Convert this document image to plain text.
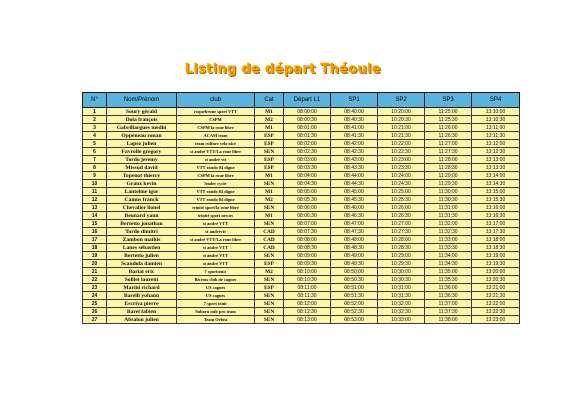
Listing de départ Théoule
N°	Nom/Prénom	club	Cat	Départ L1	SP1	SP2	SP3	SP4
1	Soury gérald	roquebrune sport VTT	M1	08:00:00	08:40:00	10:20:00	11:25:00	13:10:00
2	Dola françois	CSPM	M2	08:00:30	08:40:30	10:20:30	11:25:30	13:10:30
3	Gabrillargues medhi	CSPM la roue libre	M1	08:01:00	08:41:00	10:21:00	11:26:00	13:11:00
4	Oppeneau ronan	ACAM team	ESP	08:01:30	08:41:30	10:21:30	11:26:30	13:11:30
5	Lopez julien	team culture velo nice	ESP	08:02:00	08:42:00	10:22:00	11:27:00	13:12:00
6	Favrolle gregory	st andré VTT/La roue libre	SEN	08:02:30	08:42:30	10:22:30	11:27:30	13:12:30
7	Tordo jeremy	st andré vtt	ESP	08:03:00	08:43:00	10:23:00	11:28:00	13:13:00
8	Missud david	VTT rando 04 digne	ESP	08:03:30	08:43:30	10:23:30	11:28:30	13:13:30
9	Topenot thierry	CSPM la roue libre	M1	08:04:00	08:44:00	10:24:00	11:29:00	13:14:00
10	Graux kevin	leader cycle	SEN	08:04:30	08:44:30	10:24:30	11:29:30	13:14:30
11	Lantelme igor	VTT rando 04 digne	M1	08:05:00	08:45:00	10:25:00	11:30:00	13:15:00
12	Camus franck	VTT rando 04 digne	M2	08:05:30	08:45:30	10:25:30	11:30:30	13:15:30
13	Chevalier lionel	trinité sport/la roue libre	SEN	08:06:00	08:46:00	10:26:00	11:31:00	13:16:00
14	Beunard yann	trinité sport neway	M1	08:06:30	08:46:30	10:26:30	11:31:30	13:16:30
15	Bertetto jonathan	st andré VTT	SEN	08:07:00	08:47:00	10:27:00	11:32:00	13:17:00
16	Tordo dimitri	st andrévtt	CAD	08:07:30	08:47:30	10:27:30	11:32:30	13:17:30
17	Zambon mathis	st andré VTT/La roue libre	CAD	08:08:00	08:48:00	10:28:00	11:33:00	13:18:00
18	Lanes sébastien	st andré VTT	CAD	08:08:30	08:48:30	10:28:30	11:33:30	13:18:30
19	Bertetto julien	st andré VTT	SEN	08:09:00	08:49:00	10:29:00	11:34:00	13:19:00
20	Scandola damien	st andré VTT	ESP	08:09:30	08:49:30	10:29:30	11:34:30	13:19:30
21	Bariat eric	7 sportionic	M2	08:10:00	08:50:00	10:30:00	11:35:00	13:20:00
22	Solliet laurent	Bicross club de cagnes	SEN	08:10:30	08:50:30	10:30:30	11:35:30	13:20:30
23	Marini richard	US cagnes	ESP	08:11:00	08:51:00	10:31:00	11:36:00	13:21:00
24	Barelli yohann	US cagnes	SEN	08:11:30	08:51:30	10:31:30	11:36:30	13:21:30
25	Escriva pierre	7 sport tonic	SEN	08:12:00	08:52:00	10:32:00	11:37:00	13:22:00
26	Barel fabien	Subaru mtb pro team	SEN	08:12:30	08:52:30	10:32:30	11:37:30	13:22:30
27	Absalon julien	Team Orbea	SEN	08:13:00	08:53:00	10:33:00	11:38:00	13:23:00
